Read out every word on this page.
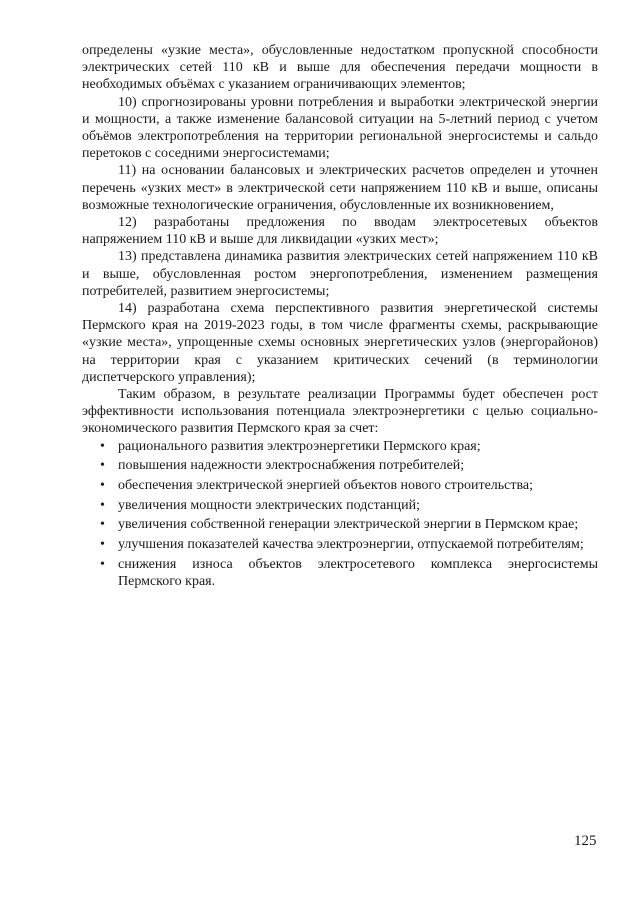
определены «узкие места», обусловленные недостатком пропускной способности электрических сетей 110 кВ и выше для обеспечения передачи мощности в необходимых объёмах с указанием ограничивающих элементов;

10) спрогнозированы уровни потребления и выработки электрической энергии и мощности, а также изменение балансовой ситуации на 5-летний период с учетом объёмов электропотребления на территории региональной энергосистемы и сальдо перетоков с соседними энергосистемами;

11) на основании балансовых и электрических расчетов определен и уточнен перечень «узких мест» в электрической сети напряжением 110 кВ и выше, описаны возможные технологические ограничения, обусловленные их возникновением,

12) разработаны предложения по вводам электросетевых объектов напряжением 110 кВ и выше для ликвидации «узких мест»;

13) представлена динамика развития электрических сетей напряжением 110 кВ и выше, обусловленная ростом энергопотребления, изменением размещения потребителей, развитием энергосистемы;

14) разработана схема перспективного развития энергетической системы Пермского края на 2019-2023 годы, в том числе фрагменты схемы, раскрывающие «узкие места», упрощенные схемы основных энергетических узлов (энергорайонов) на территории края с указанием критических сечений (в терминологии диспетчерского управления);

Таким образом, в результате реализации Программы будет обеспечен рост эффективности использования потенциала электроэнергетики с целью социально-экономического развития Пермского края за счет:

• рационального развития электроэнергетики Пермского края;
• повышения надежности электроснабжения потребителей;
• обеспечения электрической энергией объектов нового строительства;
• увеличения мощности электрических подстанций;
• увеличения собственной генерации электрической энергии в Пермском крае;
• улучшения показателей качества электроэнергии, отпускаемой потребителям;
• снижения износа объектов электросетевого комплекса энергосистемы Пермского края.
125
